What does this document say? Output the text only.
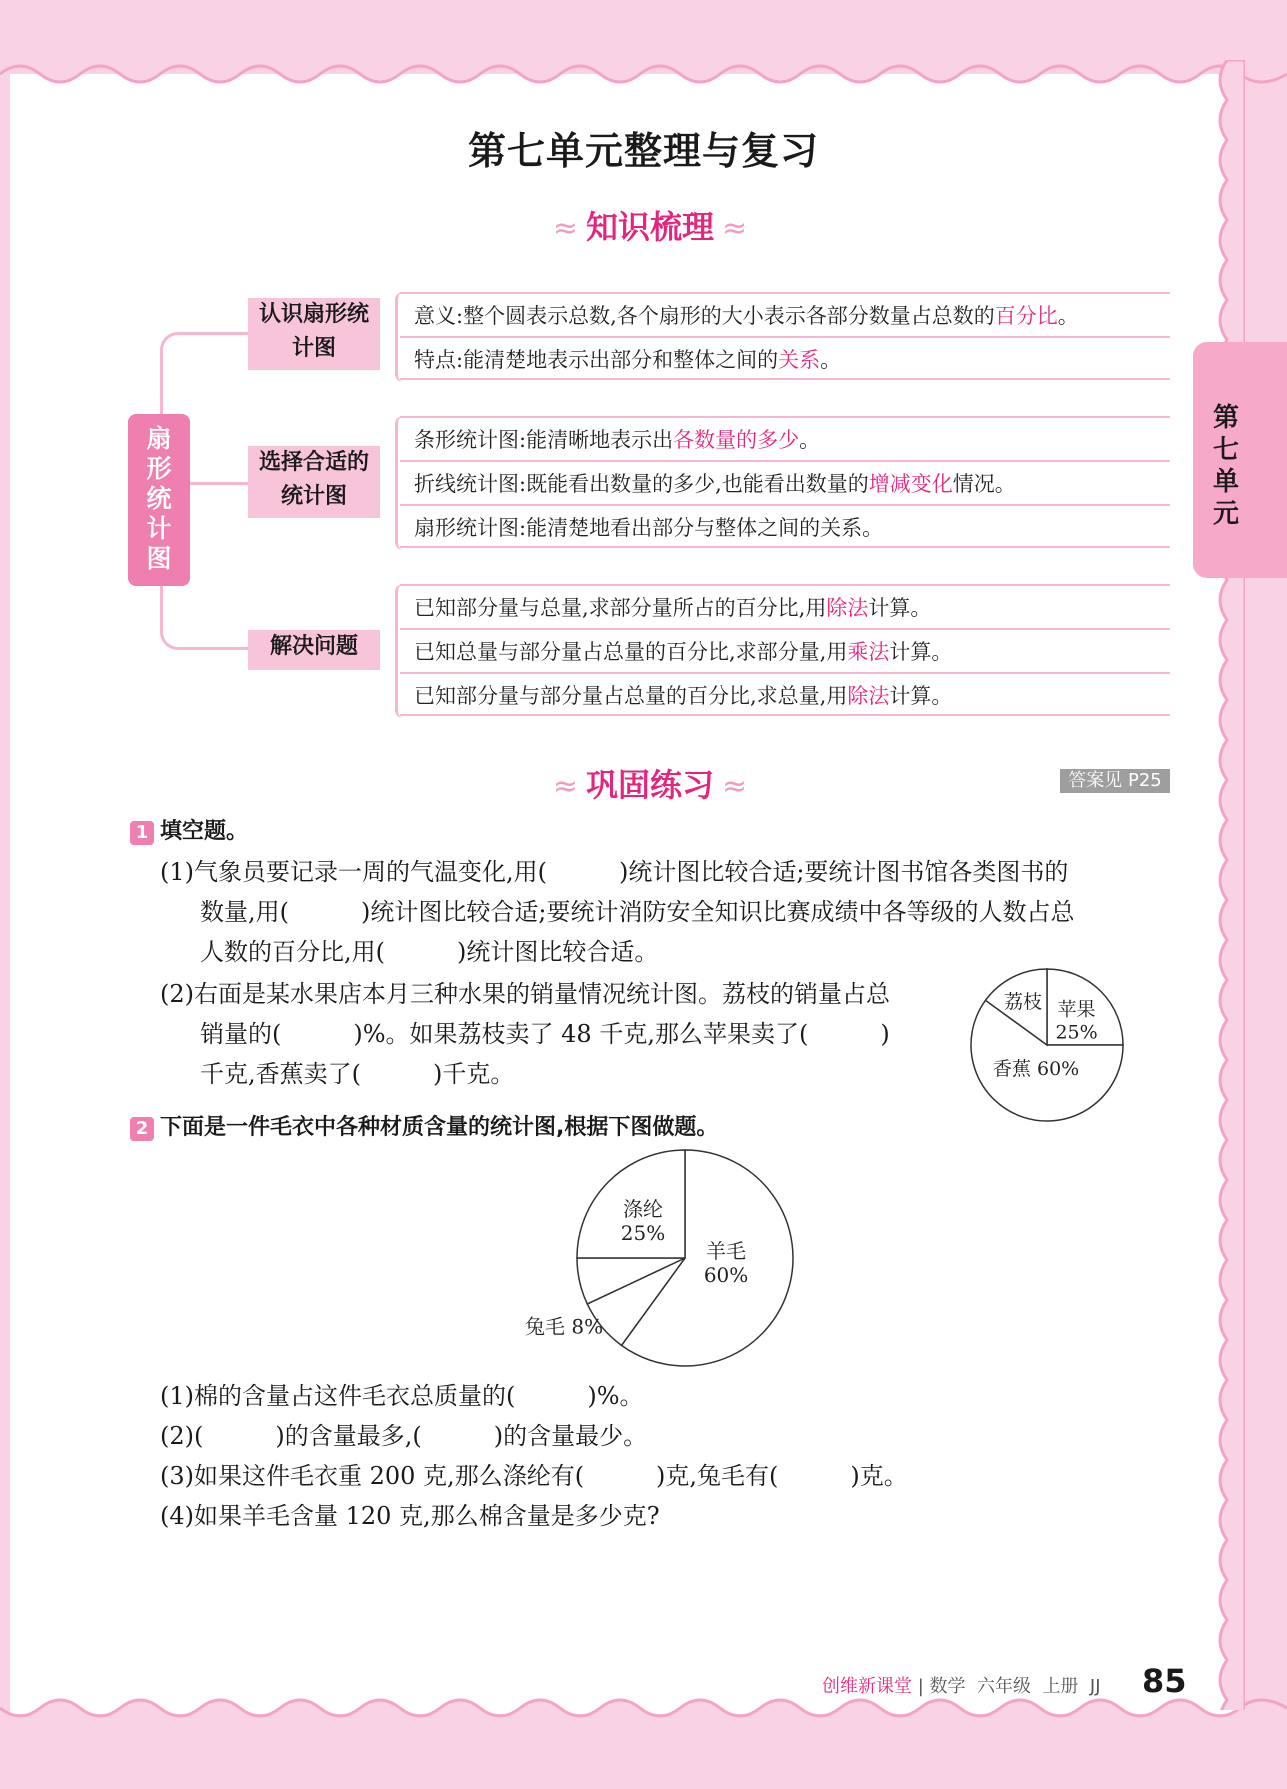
第七单元
第七单元整理与复习
≈ 知识梳理 ≈
扇形统计图
认识扇形统
计图
意义:整个圆表示总数,各个扇形的大小表示各部分数量占总数的百分比。
特点:能清楚地表示出部分和整体之间的关系。
选择合适的
统计图
条形统计图:能清晰地表示出各数量的多少。
折线统计图:既能看出数量的多少,也能看出数量的增减变化情况。
扇形统计图:能清楚地看出部分与整体之间的关系。
解决问题
已知部分量与总量,求部分量所占的百分比,用除法计算。
已知总量与部分量占总量的百分比,求部分量,用乘法计算。
已知部分量与部分量占总量的百分比,求总量,用除法计算。
≈ 巩固练习 ≈	答案见 P25
1 填空题。
(1)气象员要记录一周的气温变化,用(　　　)统计图比较合适;要统计图书馆各类图书的
数量,用(　　　)统计图比较合适;要统计消防安全知识比赛成绩中各等级的人数占总
人数的百分比,用(　　　)统计图比较合适。
(2)右面是某水果店本月三种水果的销量情况统计图。荔枝的销量占总
销量的(　　　)%。如果荔枝卖了 48 千克,那么苹果卖了(　　　)
千克,香蕉卖了(　　　)千克。
苹果
25%
香蕉 60%
荔枝
2 下面是一件毛衣中各种材质含量的统计图,根据下图做题。
羊毛
60%
兔毛 8%
涤纶
25%
(1)棉的含量占这件毛衣总质量的(　　　)%。
(2)(　　　)的含量最多,(　　　)的含量最少。
(3)如果这件毛衣重 200 克,那么涤纶有(　　　)克,兔毛有(　　　)克。
(4)如果羊毛含量 120 克,那么棉含量是多少克?
创维新课堂 | 数学 六年级 上册 JJ 85
